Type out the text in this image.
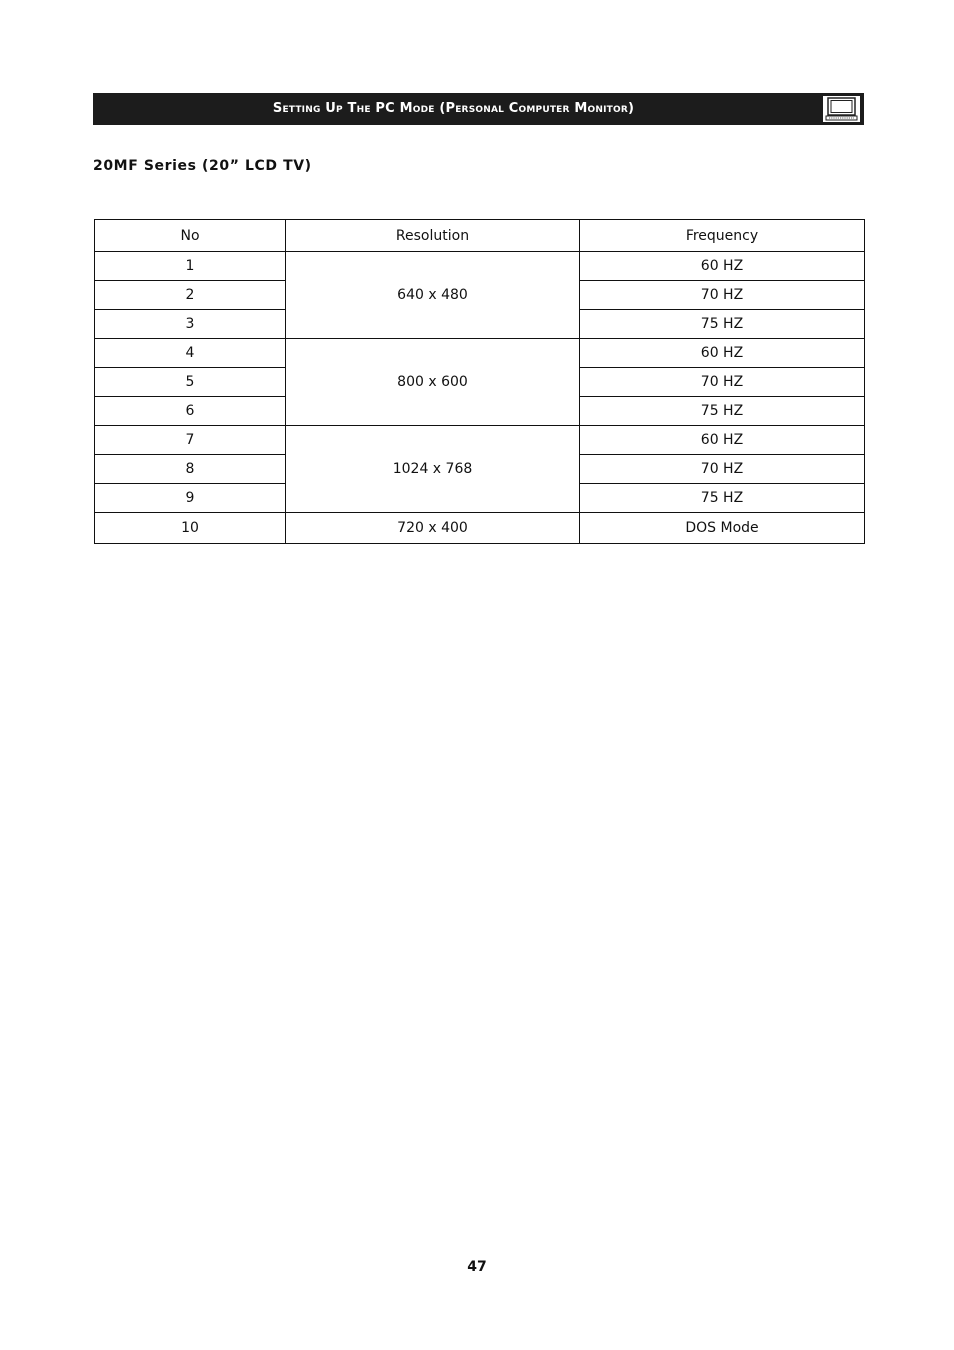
Setting Up The PC Mode (Personal Computer Monitor)
20MF Series (20” LCD TV)
No	Resolution	Frequency
1	640 x 480	60 HZ
2		70 HZ
3		75 HZ
4	800 x 600	60 HZ
5		70 HZ
6		75 HZ
7	1024 x 768	60 HZ
8		70 HZ
9		75 HZ
10	720 x 400	DOS Mode
47
